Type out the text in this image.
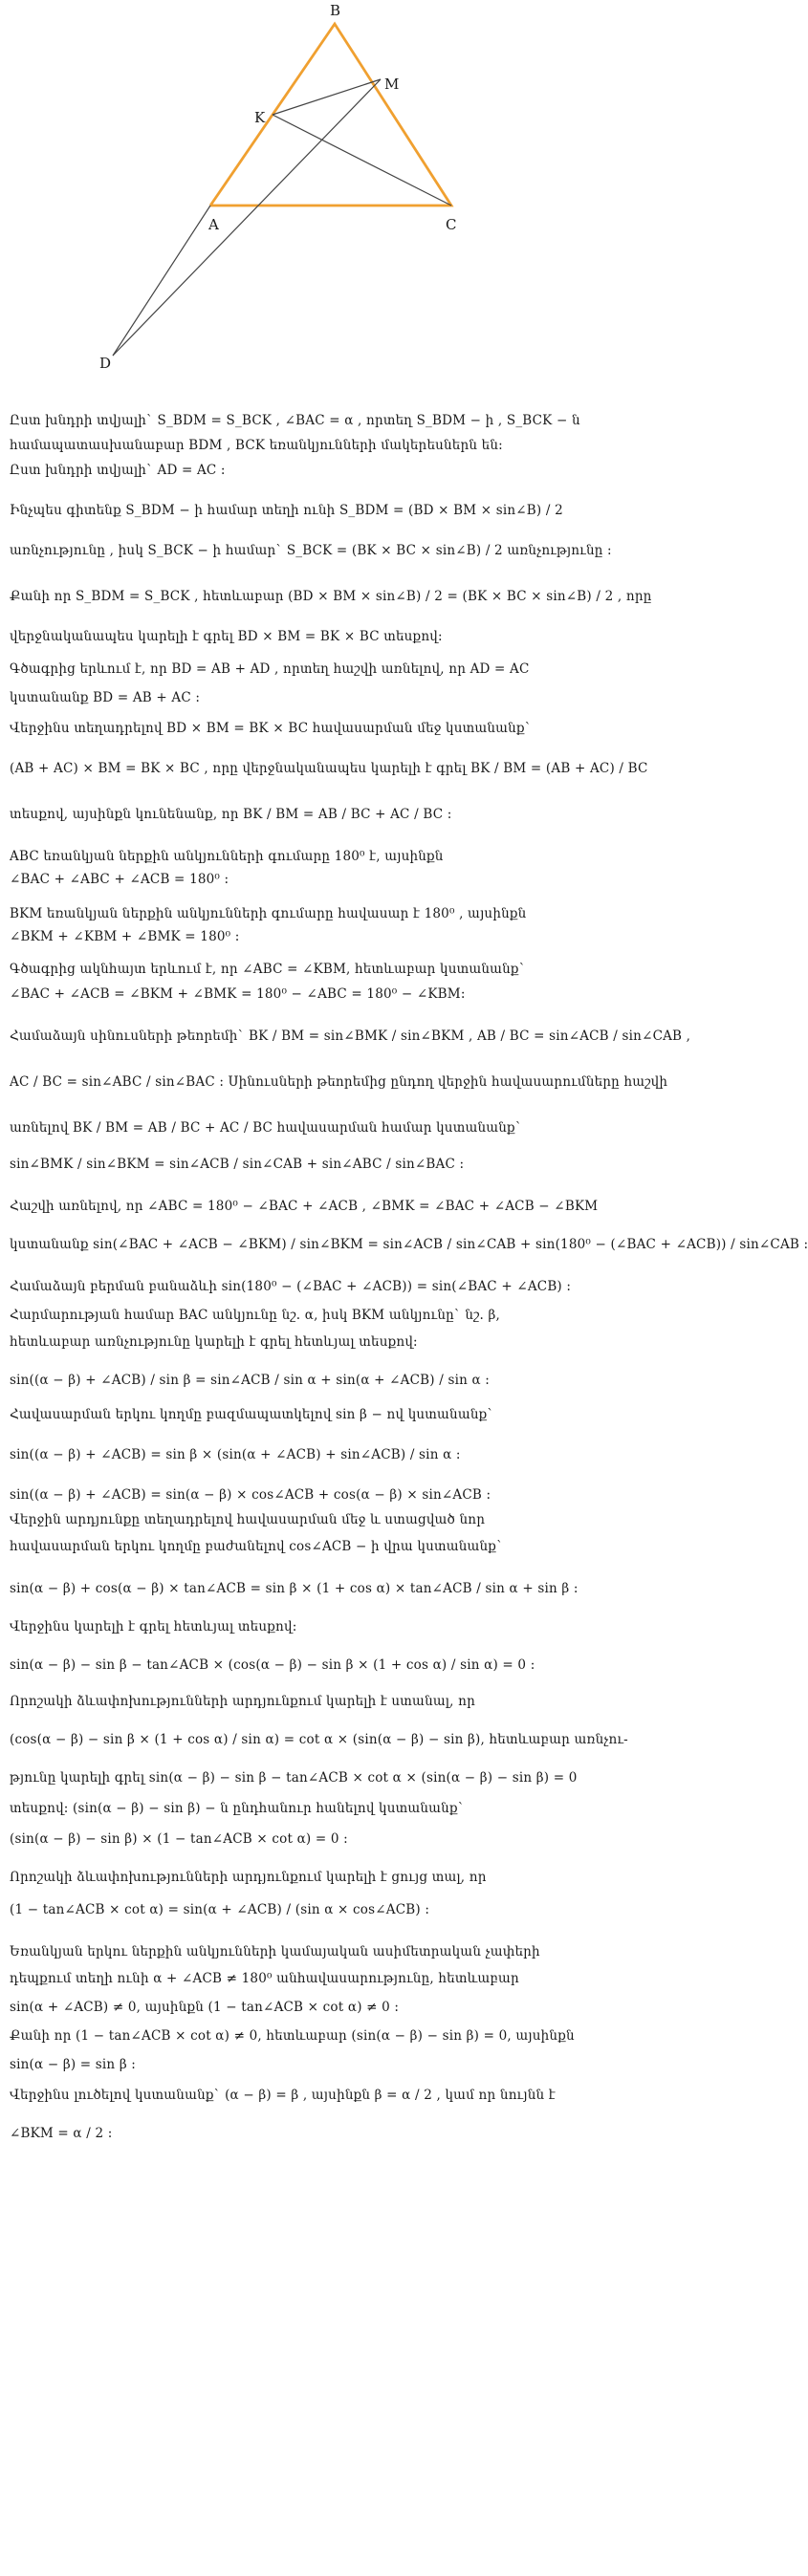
B
M
K
A	C
D
Ըստ խնդրի տվյալի` S_BDM = S_BCK , ∠BAC = α , որտեղ S_BDM − ի , S_BCK − ն
համապատասխանաբար BDM , BCK եռանկյունների մակերեսներն են:
Ըստ խնդրի տվյալի` AD = AC :
Ինչպես գիտենք S_BDM − ի համար տեղի ունի S_BDM = (BD × BM × sin∠B) / 2
առնչությունը , իսկ S_BCK − ի համար` S_BCK = (BK × BC × sin∠B) / 2 առնչությունը :
Քանի որ S_BDM = S_BCK , հետևաբար (BD × BM × sin∠B) / 2 = (BK × BC × sin∠B) / 2 , որը
վերջնականապես կարելի է գրել BD × BM = BK × BC տեսքով:
Գծագրից երևում է, որ BD = AB + AD , որտեղ հաշվի առնելով, որ AD = AC
կստանանք BD = AB + AC :
Վերջինս տեղադրելով BD × BM = BK × BC հավասարման մեջ կստանանք`
(AB + AC) × BM = BK × BC , որը վերջնականապես կարելի է գրել BK / BM = (AB + AC) / BC
տեսքով, այսինքն կունենանք, որ BK / BM = AB / BC + AC / BC :
ABC եռանկյան ներքին անկյունների գումարը 180⁰ է, այսինքն
∠BAC + ∠ABC + ∠ACB = 180⁰ :
BKM եռանկյան ներքին անկյունների գումարը հավասար է 180⁰ , այսինքն
∠BKM + ∠KBM + ∠BMK = 180⁰ :
Գծագրից ակնհայտ երևում է, որ ∠ABC = ∠KBM, հետևաբար կստանանք`
∠BAC + ∠ACB = ∠BKM + ∠BMK = 180⁰ − ∠ABC = 180⁰ − ∠KBM:
Համաձայն սինուսների թեորեմի` BK / BM = sin∠BMK / sin∠BKM , AB / BC = sin∠ACB / sin∠CAB ,
AC / BC = sin∠ABC / sin∠BAC : Սինուսների թեորեմից ընդող վերջին հավասարումները հաշվի
առնելով BK / BM = AB / BC + AC / BC հավասարման համար կստանանք`
sin∠BMK / sin∠BKM = sin∠ACB / sin∠CAB + sin∠ABC / sin∠BAC :
Հաշվի առնելով, որ ∠ABC = 180⁰ − ∠BAC + ∠ACB , ∠BMK = ∠BAC + ∠ACB − ∠BKM
կստանանք sin(∠BAC + ∠ACB − ∠BKM) / sin∠BKM = sin∠ACB / sin∠CAB + sin(180⁰ − (∠BAC + ∠ACB)) / sin∠CAB :
Համաձայն բերման բանաձևի sin(180⁰ − (∠BAC + ∠ACB)) = sin(∠BAC + ∠ACB) :
Հարմարության համար BAC անկյունը նշ. α, իսկ BKM անկյունը` նշ. β,
հետևաբար առնչությունը կարելի է գրել հետևյալ տեսքով:
sin((α − β) + ∠ACB) / sin β = sin∠ACB / sin α + sin(α + ∠ACB) / sin α :
Հավասարման երկու կողմը բազմապատկելով sin β − ով կստանանք`
sin((α − β) + ∠ACB) = sin β × (sin(α + ∠ACB) + sin∠ACB) / sin α :
sin((α − β) + ∠ACB) = sin(α − β) × cos∠ACB + cos(α − β) × sin∠ACB :
Վերջին արդյունքը տեղադրելով հավասարման մեջ և ստացված նոր
հավասարման երկու կողմը բաժանելով cos∠ACB − ի վրա կստանանք`
sin(α − β) + cos(α − β) × tan∠ACB = sin β × (1 + cos α) × tan∠ACB / sin α + sin β :
Վերջինս կարելի է գրել հետևյալ տեսքով:
sin(α − β) − sin β − tan∠ACB × (cos(α − β) − sin β × (1 + cos α) / sin α) = 0 :
Որոշակի ձևափոխությունների արդյունքում կարելի է ստանալ, որ
(cos(α − β) − sin β × (1 + cos α) / sin α) = cot α × (sin(α − β) − sin β), հետևաբար առնչու-
թյունը կարելի գրել sin(α − β) − sin β − tan∠ACB × cot α × (sin(α − β) − sin β) = 0
տեսքով: (sin(α − β) − sin β) − ն ընդհանուր հանելով կստանանք`
(sin(α − β) − sin β) × (1 − tan∠ACB × cot α) = 0 :
Որոշակի ձևափոխությունների արդյունքում կարելի է ցույց տալ, որ
(1 − tan∠ACB × cot α) = sin(α + ∠ACB) / (sin α × cos∠ACB) :
Եռանկյան երկու ներքին անկյունների կամայական ասիմետրական չափերի
դեպքում տեղի ունի α + ∠ACB ≠ 180⁰ անհավասարությունը, հետևաբար
sin(α + ∠ACB) ≠ 0, այսինքն (1 − tan∠ACB × cot α) ≠ 0 :
Քանի որ (1 − tan∠ACB × cot α) ≠ 0, հետևաբար (sin(α − β) − sin β) = 0, այսինքն
sin(α − β) = sin β :
Վերջինս լուծելով կստանանք` (α − β) = β , այսինքն β = α / 2 , կամ որ նույնն է
∠BKM = α / 2 :
